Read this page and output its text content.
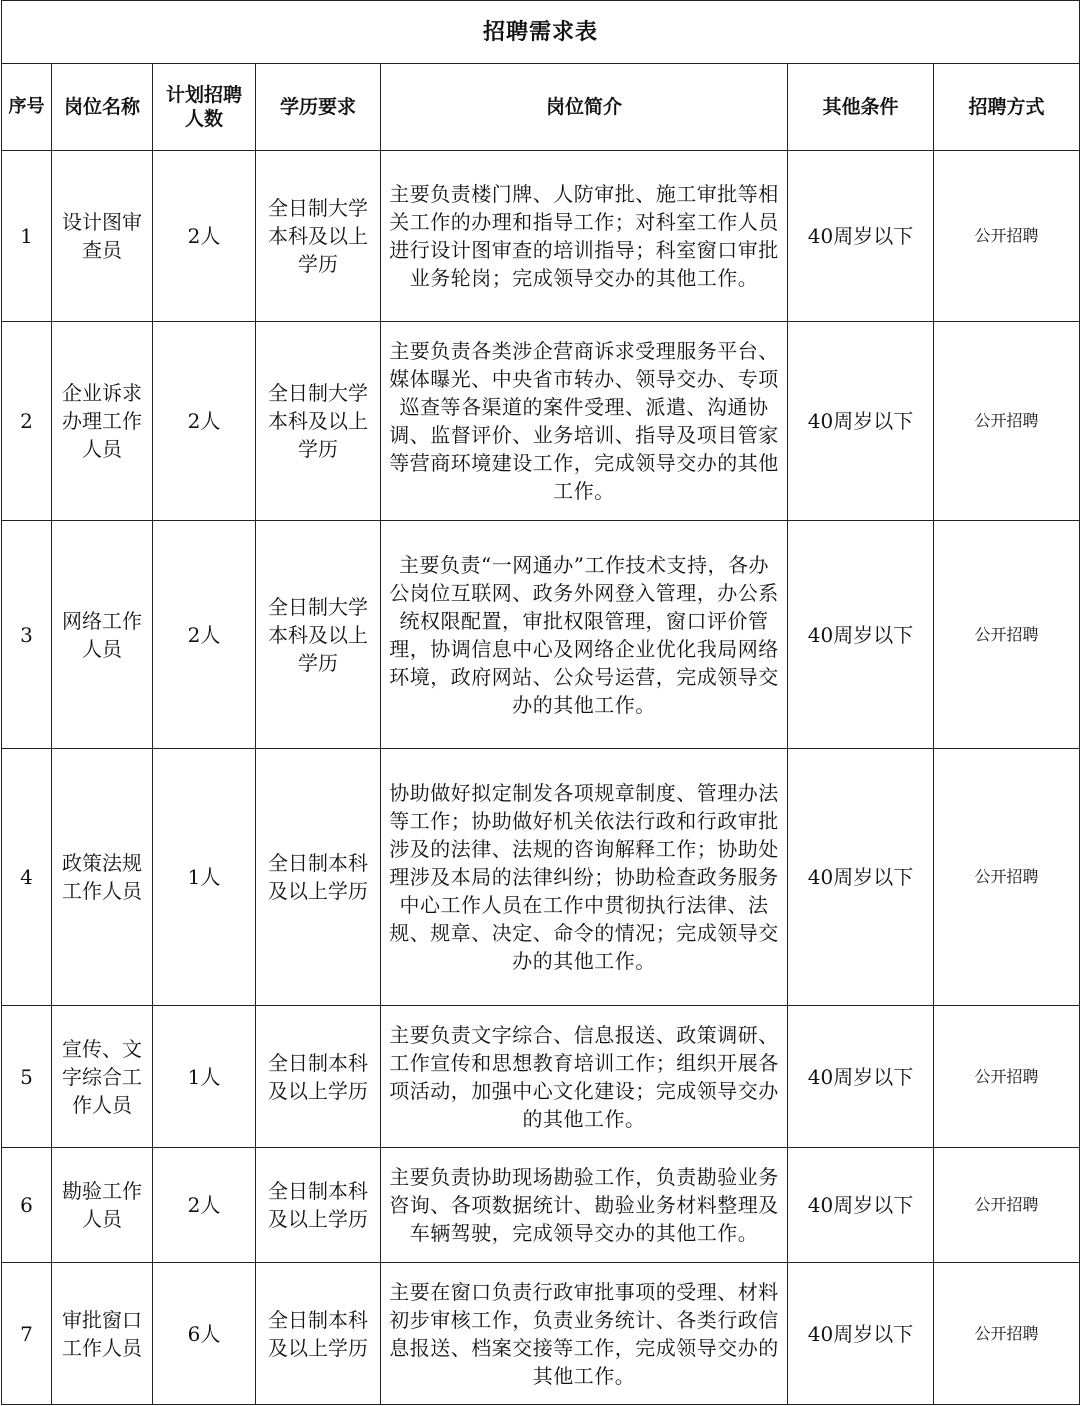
招聘需求表						
序号	岗位名称	计划招聘人数	学历要求	岗位简介	其他条件	招聘方式
1	设计图审查员	2人	全日制大学本科及以上学历	主要负责楼门牌、人防审批、施工审批等相关工作的办理和指导工作；对科室工作人员进行设计图审查的培训指导；科室窗口审批业务轮岗；完成领导交办的其他工作。	40周岁以下	公开招聘
2	企业诉求办理工作人员	2人	全日制大学本科及以上学历	主要负责各类涉企营商诉求受理服务平台、媒体曝光、中央省市转办、领导交办、专项巡查等各渠道的案件受理、派遣、沟通协调、监督评价、业务培训、指导及项目管家等营商环境建设工作，完成领导交办的其他工作。	40周岁以下	公开招聘
3	网络工作人员	2人	全日制大学本科及以上学历	主要负责“一网通办”工作技术支持，各办公岗位互联网、政务外网登入管理，办公系统权限配置，审批权限管理，窗口评价管理，协调信息中心及网络企业优化我局网络环境，政府网站、公众号运营，完成领导交办的其他工作。	40周岁以下	公开招聘
4	政策法规工作人员	1人	全日制本科及以上学历	协助做好拟定制发各项规章制度、管理办法等工作；协助做好机关依法行政和行政审批涉及的法律、法规的咨询解释工作；协助处理涉及本局的法律纠纷；协助检查政务服务中心工作人员在工作中贯彻执行法律、法规、规章、决定、命令的情况；完成领导交办的其他工作。	40周岁以下	公开招聘
5	宣传、文字综合工作人员	1人	全日制本科及以上学历	主要负责文字综合、信息报送、政策调研、工作宣传和思想教育培训工作；组织开展各项活动，加强中心文化建设；完成领导交办的其他工作。	40周岁以下	公开招聘
6	勘验工作人员	2人	全日制本科及以上学历	主要负责协助现场勘验工作，负责勘验业务咨询、各项数据统计、勘验业务材料整理及车辆驾驶，完成领导交办的其他工作。	40周岁以下	公开招聘
7	审批窗口工作人员	6人	全日制本科及以上学历	主要在窗口负责行政审批事项的受理、材料初步审核工作，负责业务统计、各类行政信息报送、档案交接等工作，完成领导交办的其他工作。	40周岁以下	公开招聘
